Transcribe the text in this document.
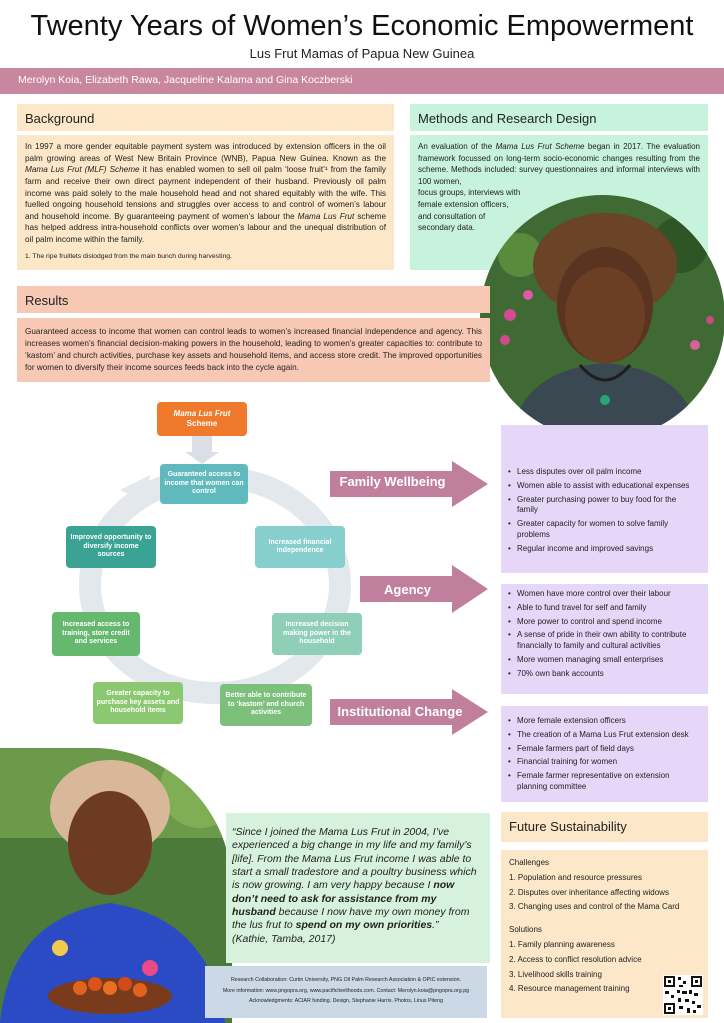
Twenty Years of Women’s Economic Empowerment
Lus Frut Mamas of Papua New Guinea
Merolyn Koia, Elizabeth Rawa, Jacqueline Kalama and Gina Koczberski
Background
In 1997 a more gender equitable payment system was introduced by extension officers in the oil palm growing areas of West New Britain Province (WNB), Papua New Guinea. Known as the Mama Lus Frut (MLF) Scheme it has enabled women to sell oil palm ‘loose fruit’¹ from the family farm and receive their own direct payment independent of their husband. Previously oil palm income was paid solely to the male household head and not shared equitably with the wife. This fuelled ongoing household tensions and struggles over access to and control of women’s labour and household income. By guaranteeing payment of women’s labour the Mama Lus Frut scheme has helped address intra-household conflicts over women’s labour and the unequal distribution of oil palm income within the family.
1. The ripe fruitlets dislodged from the main bunch during harvesting.
Methods and Research Design
An evaluation of the Mama Lus Frut Scheme began in 2017. The evaluation framework focussed on long-term socio-economic changes resulting from the scheme. Methods included: survey questionnaires and informal interviews with 100 women,
focus groups, interviews with
female extension officers,
and consultation of
secondary data.
Results
Guaranteed access to income that women can control leads to women’s increased financial independence and agency. This increases women’s financial decision-making powers in the household, leading to women’s greater capacities to: contribute to ‘kastom’ and church activities, purchase key assets and household items, and access store credit. The improved opportunities for women to diversify their income sources feeds back into the cycle again.
Mama Lus Frut
Scheme
Guaranteed access to income that women can control
Increased financial independence
Increased decision making power in the household
Better able to contribute to ‘kastom’ and church activities
Greater capacity to purchase key assets and household items
Increased access to training, store credit and services
Improved opportunity to diversify income sources
Family Wellbeing
Agency
Institutional Change
• Less disputes over oil palm income
• Women able to assist with educational expenses
• Greater purchasing power to buy food for the family
• Greater capacity for women to solve family problems
• Regular income and improved savings
• Women have more control over their labour
• Able to fund travel for self and family
• More power to control and spend income
• A sense of pride in their own ability to contribute financially to family and cultural activities
• More women managing small enterprises
• 70% own bank accounts
• More female extension officers
• The creation of a Mama Lus Frut extension desk
• Female farmers part of field days
• Financial training for women
• Female farmer representative on extension planning committee
“Since I joined the Mama Lus Frut in 2004, I’ve experienced a big change in my life and my family’s [life]. From the Mama Lus Frut income I was able to start a small tradestore and a poultry business which is now growing. I am very happy because I now don’t need to ask for assistance from my husband because I now have my own money from the lus frut to spend on my own priorities.”
(Kathie, Tamba, 2017)
Research Collaboration: Curtin University, PNG Oil Palm Research Association & OPIC extension.
More information: www.pngopra.org, www.pacificlivelihoods.com. Contact: Merolyn.koia@pngopra.org.pg
Acknowledgments: ACIAR funding. Design, Stephanie Harris. Photos, Linus Piteng
Future Sustainability
Challenges
1. Population and resource pressures
2. Disputes over inheritance affecting widows
3. Changing uses and control of the Mama Card
Solutions
1. Family planning awareness
2. Access to conflict resolution advice
3. Livelihood skills training
4. Resource management training
